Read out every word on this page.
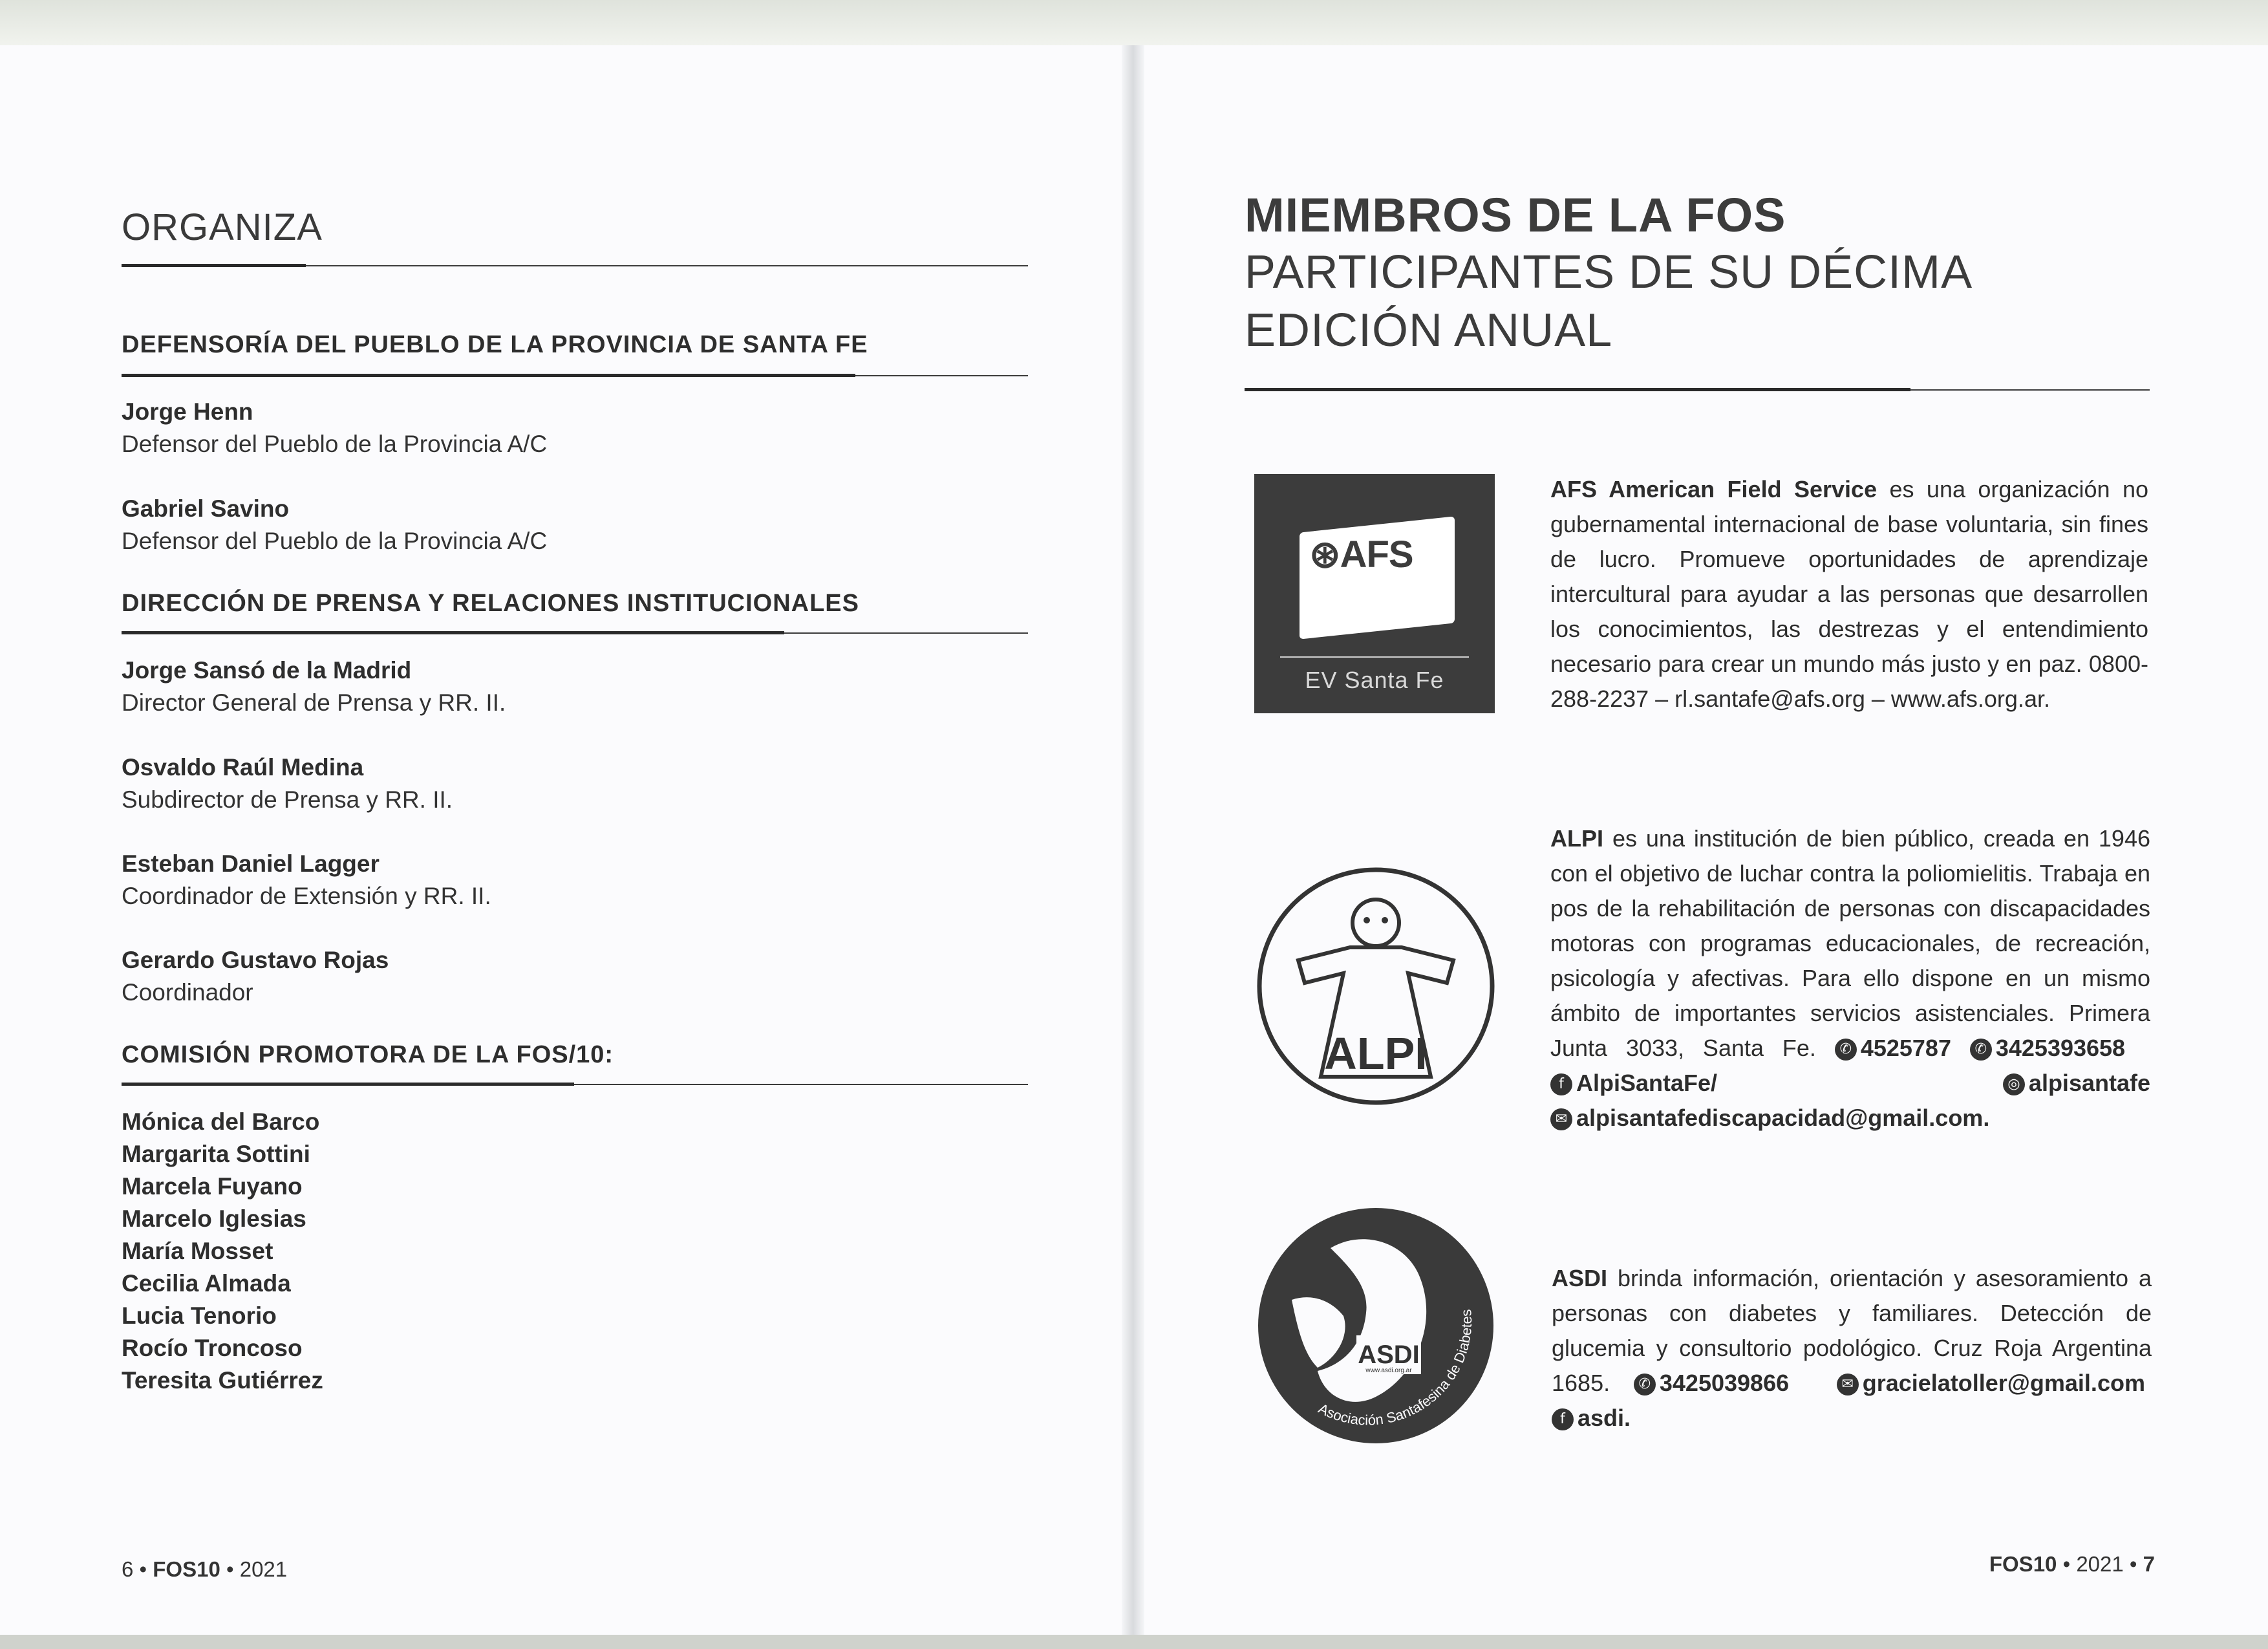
ORGANIZA
DEFENSORÍA DEL PUEBLO DE LA PROVINCIA DE SANTA FE
Jorge Henn
Defensor del Pueblo de la Provincia A/C
Gabriel Savino
Defensor del Pueblo de la Provincia A/C
DIRECCIÓN DE PRENSA Y RELACIONES INSTITUCIONALES
Jorge Sansó de la Madrid
Director General de Prensa y RR. II.
Osvaldo Raúl Medina
Subdirector de Prensa y RR. II.
Esteban Daniel Lagger
Coordinador de Extensión y RR. II.
Gerardo Gustavo Rojas
Coordinador
COMISIÓN PROMOTORA DE LA FOS/10:
Mónica del Barco
Margarita Sottini
Marcela Fuyano
Marcelo Iglesias
María Mosset
Cecilia Almada
Lucia Tenorio
Rocío Troncoso
Teresita Gutiérrez
6 • FOS10 • 2021
MIEMBROS DE LA FOS
PARTICIPANTES DE SU DÉCIMA
EDICIÓN ANUAL
⊛AFS
Programas Interculturales
EV Santa Fe
AFS American Field Service es una organización no gubernamental internacional de base voluntaria, sin fines de lucro. Promueve oportunidades de aprendizaje intercultural para ayudar a las personas que desarrollen los conocimientos, las destrezas y el entendimiento necesario para crear un mundo más justo y en paz. 0800-288-2237 – rl.santafe@afs.org – www.afs.org.ar.
ALPI
ALPI es una institución de bien público, creada en 1946 con el objetivo de luchar contra la poliomielitis. Trabaja en pos de la rehabilitación de personas con discapacidades motoras con programas educacionales, de recreación, psicología y afectivas. Para ello dispone en un mismo ámbito de importantes servicios asistenciales. Primera Junta 3033, Santa Fe. ✆ 4525787 ✆ 3425393658   f AlpiSantaFe/	◎ alpisantafe ✉ alpisantafediscapacidad@gmail.com.
ASDI
www.asdi.org.ar
Asociación Santafesina de Diabetes
ASDI brinda información, orientación y asesoramiento a personas con diabetes y familiares. Detección de glucemia y consultorio podológico. Cruz Roja Argentina 1685. ✆ 3425039866	✉ gracielatoller@gmail.com  f asdi.
FOS10 • 2021 • 7
